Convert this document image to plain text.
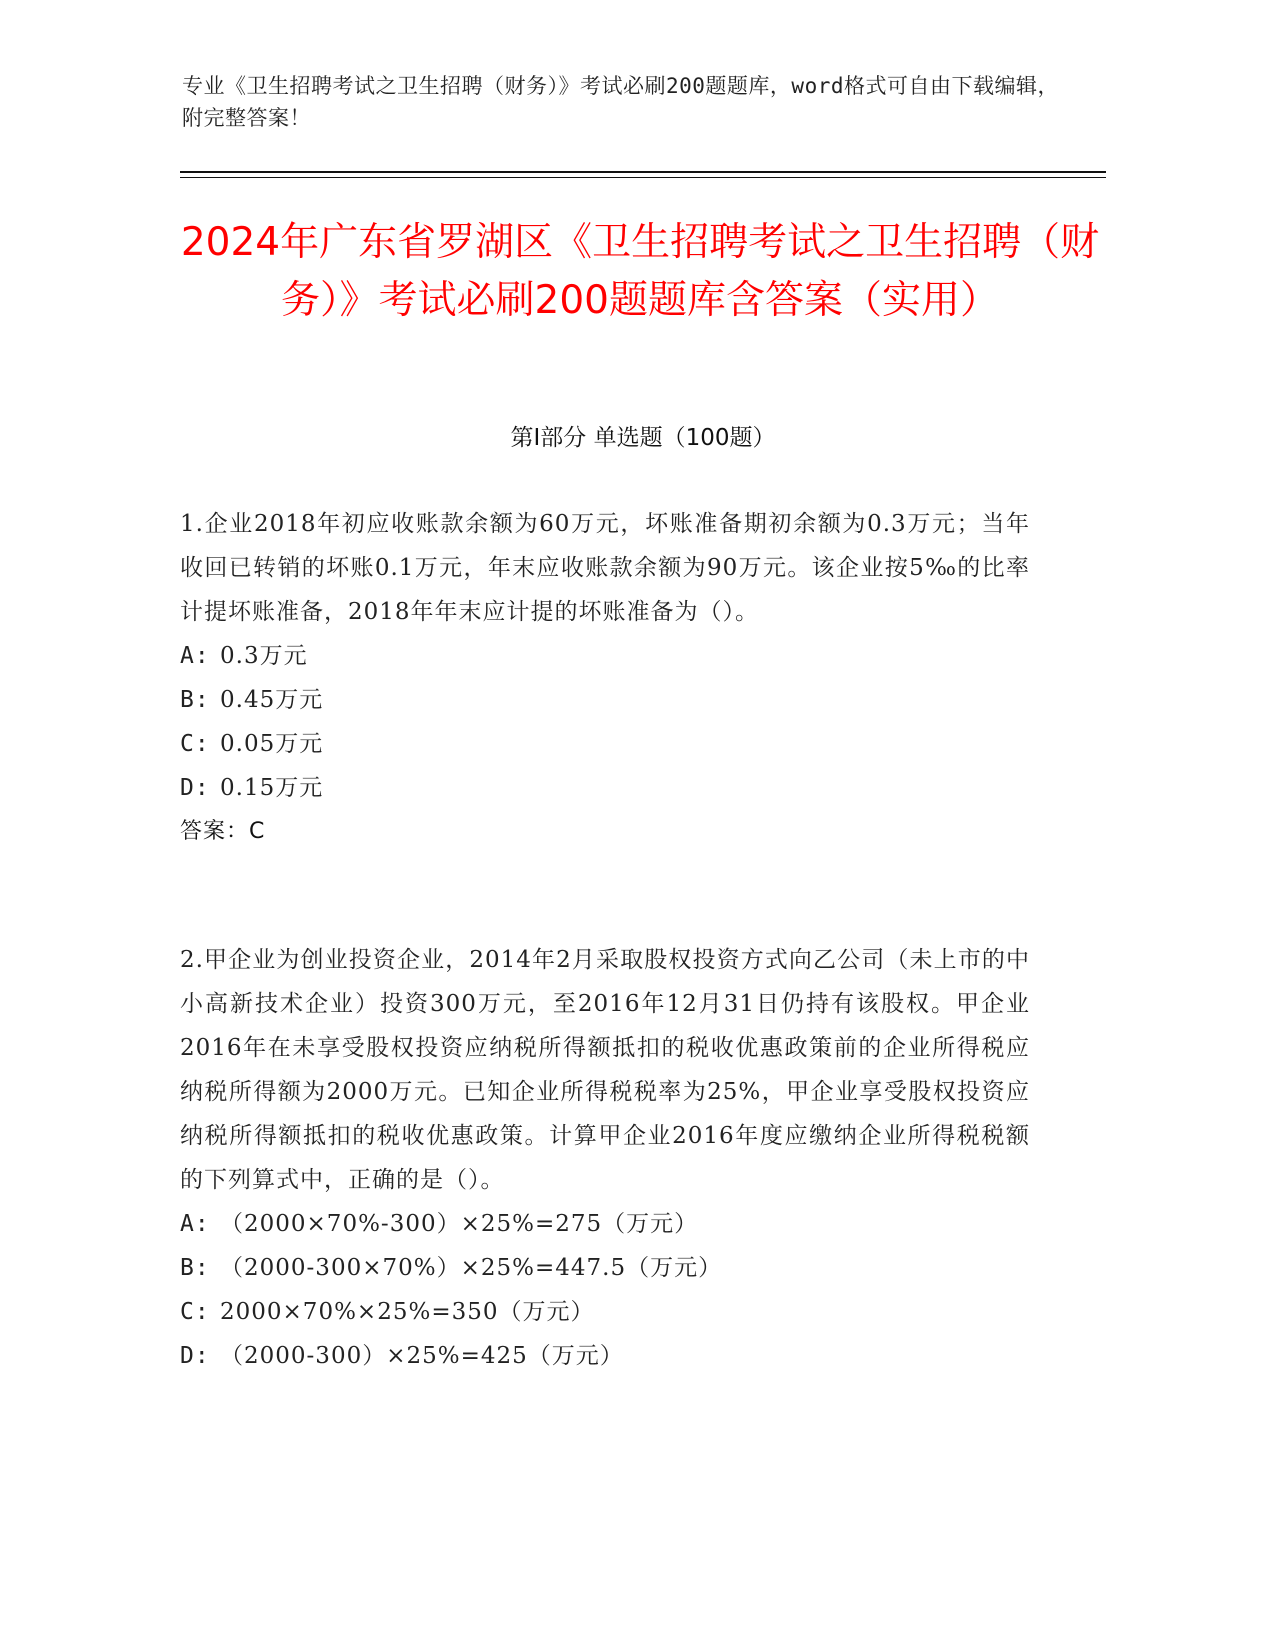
专业《卫生招聘考试之卫生招聘（财务）》考试必刷200题题库，word格式可自由下载编辑，附完整答案！
2024年广东省罗湖区《卫生招聘考试之卫生招聘（财务）》考试必刷200题题库含答案（实用）
第Ⅰ部分 单选题（100题）

1.企业2018年初应收账款余额为60万元，坏账准备期初余额为0.3万元；当年收回已转销的坏账0.1万元，年末应收账款余额为90万元。该企业按5‰的比率计提坏账准备，2018年年末应计提的坏账准备为（）。

A: 0.3万元
B: 0.45万元
C: 0.05万元
D: 0.15万元
答案：C

2.甲企业为创业投资企业，2014年2月采取股权投资方式向乙公司（未上市的中小高新技术企业）投资300万元，至2016年12月31日仍持有该股权。甲企业2016年在未享受股权投资应纳税所得额抵扣的税收优惠政策前的企业所得税应纳税所得额为2000万元。已知企业所得税税率为25%，甲企业享受股权投资应纳税所得额抵扣的税收优惠政策。计算甲企业2016年度应缴纳企业所得税税额的下列算式中，正确的是（）。

A: （2000×70%-300）×25%=275（万元）
B: （2000-300×70%）×25%=447.5（万元）
C: 2000×70%×25%=350（万元）
D: （2000-300）×25%=425（万元）
